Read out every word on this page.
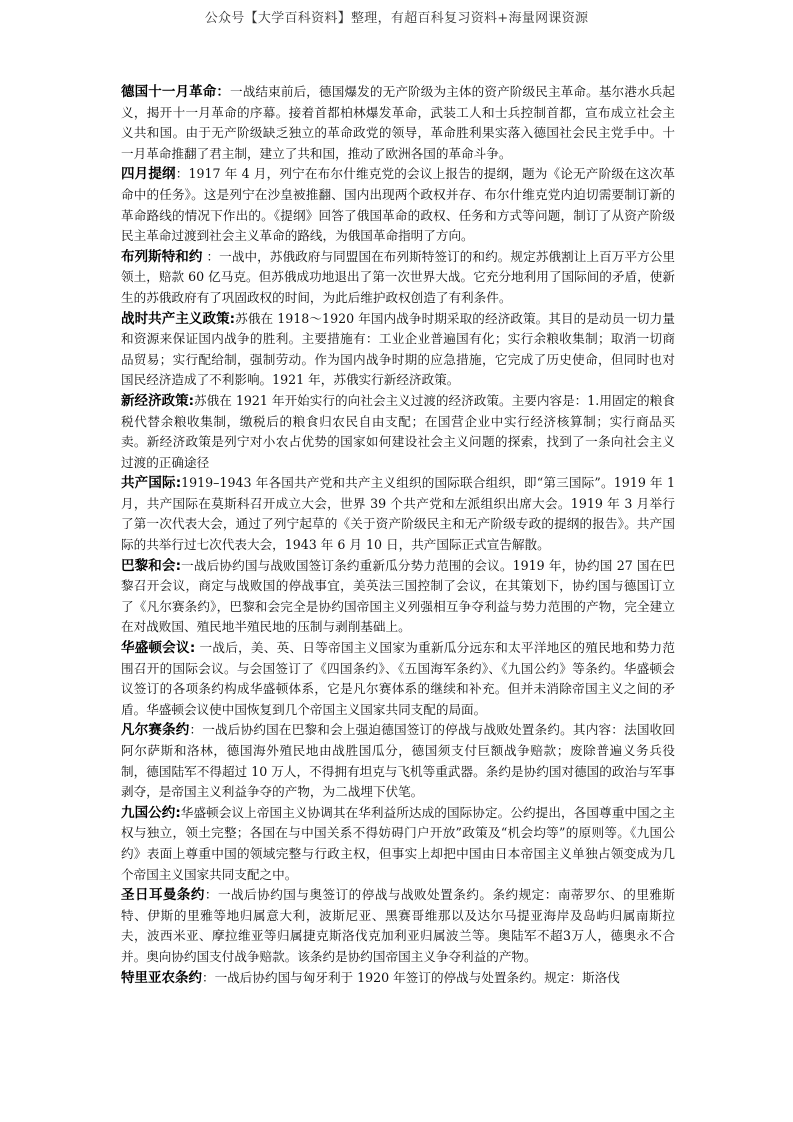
公众号【大学百科资料】整理，有超百科复习资料+海量网课资源

德国十一月革命：一战结束前后，德国爆发的无产阶级为主体的资产阶级民主革命。基尔港水兵起义，揭开十一月革命的序幕。接着首都柏林爆发革命，武装工人和士兵控制首都，宣布成立社会主义共和国。由于无产阶级缺乏独立的革命政党的领导，革命胜利果实落入德国社会民主党手中。十一月革命推翻了君主制，建立了共和国，推动了欧洲各国的革命斗争。

四月提纲：1917 年 4 月，列宁在布尔什维克党的会议上报告的提纲，题为《论无产阶级在这次革命中的任务》。这是列宁在沙皇被推翻、国内出现两个政权并存、布尔什维克党内迫切需要制订新的革命路线的情况下作出的。《提纲》回答了俄国革命的政权、任务和方式等问题，制订了从资产阶级民主革命过渡到社会主义革命的路线，为俄国革命指明了方向。

布列斯特和约 ：一战中，苏俄政府与同盟国在布列斯特签订的和约。规定苏俄割让上百万平方公里领土，赔款 60 亿马克。但苏俄成功地退出了第一次世界大战。它充分地利用了国际间的矛盾，使新生的苏俄政府有了巩固政权的时间，为此后维护政权创造了有利条件。

战时共产主义政策:苏俄在 1918～1920 年国内战争时期采取的经济政策。其目的是动员一切力量和资源来保证国内战争的胜利。主要措施有：工业企业普遍国有化；实行余粮收集制；取消一切商品贸易；实行配给制，强制劳动。作为国内战争时期的应急措施，它完成了历史使命，但同时也对国民经济造成了不利影响。1921 年，苏俄实行新经济政策。

新经济政策:苏俄在 1921 年开始实行的向社会主义过渡的经济政策。主要内容是：1.用固定的粮食税代替余粮收集制，缴税后的粮食归农民自由支配；在国营企业中实行经济核算制；实行商品买卖。新经济政策是列宁对小农占优势的国家如何建设社会主义问题的探索，找到了一条向社会主义过渡的正确途径

共产国际:1919–1943 年各国共产党和共产主义组织的国际联合组织，即“第三国际”。1919 年 1 月，共产国际在莫斯科召开成立大会，世界 39 个共产党和左派组织出席大会。1919 年 3 月举行了第一次代表大会，通过了列宁起草的《关于资产阶级民主和无产阶级专政的提纲的报告》。共产国际的共举行过七次代表大会，1943 年 6 月 10 日，共产国际正式宣告解散。

巴黎和会:一战后协约国与战败国签订条约重新瓜分势力范围的会议。1919 年，协约国 27 国在巴黎召开会议，商定与战败国的停战事宜，美英法三国控制了会议，在其策划下，协约国与德国订立了《凡尔赛条约》，巴黎和会完全是协约国帝国主义列强相互争夺利益与势力范围的产物，完全建立在对战败国、殖民地半殖民地的压制与剥削基础上。

华盛顿会议: 一战后，美、英、日等帝国主义国家为重新瓜分远东和太平洋地区的殖民地和势力范围召开的国际会议。与会国签订了《四国条约》、《五国海军条约》、《九国公约》等条约。华盛顿会议签订的各项条约构成华盛顿体系，它是凡尔赛体系的继续和补充。但并未消除帝国主义之间的矛盾。华盛顿会议使中国恢复到几个帝国主义国家共同支配的局面。

凡尔赛条约：一战后协约国在巴黎和会上强迫德国签订的停战与战败处置条约。其内容：法国收回阿尔萨斯和洛林，德国海外殖民地由战胜国瓜分，德国须支付巨额战争赔款；废除普遍义务兵役制，德国陆军不得超过 10 万人，不得拥有坦克与飞机等重武器。条约是协约国对德国的政治与军事剥夺，是帝国主义利益争夺的产物，为二战埋下伏笔。

九国公约:华盛顿会议上帝国主义协调其在华利益所达成的国际协定。公约提出，各国尊重中国之主权与独立，领土完整；各国在与中国关系不得妨碍门户开放”政策及“机会均等”的原则等。《九国公约》表面上尊重中国的领域完整与行政主权，但事实上却把中国由日本帝国主义单独占领变成为几个帝国主义国家共同支配之中。

圣日耳曼条约：一战后协约国与奥签订的停战与战败处置条约。条约规定：南蒂罗尔、的里雅斯特、伊斯的里雅等地归属意大利，波斯尼亚、黑赛哥维那以及达尔马提亚海岸及岛屿归属南斯拉夫，波西米亚、摩拉维亚等归属捷克斯洛伐克加利亚归属波兰等。奥陆军不超3万人，德奥永不合并。奥向协约国支付战争赔款。该条约是协约国帝国主义争夺利益的产物。

特里亚农条约：一战后协约国与匈牙利于 1920 年签订的停战与处置条约。规定：斯洛伐
